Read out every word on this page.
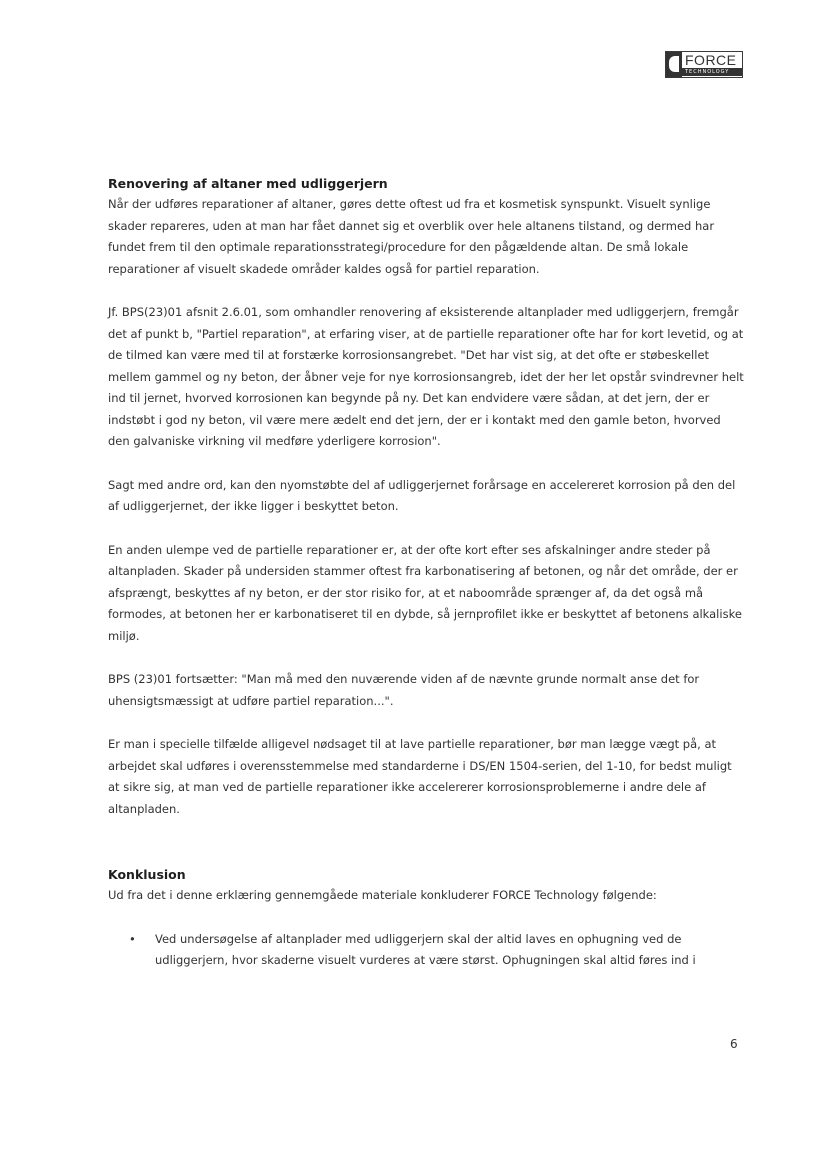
FORCE
TECHNOLOGY
Renovering af altaner med udliggerjern

Når der udføres reparationer af altaner, gøres dette oftest ud fra et kosmetisk synspunkt. Visuelt synlige skader repareres, uden at man har fået dannet sig et overblik over hele altanens tilstand, og dermed har fundet frem til den optimale reparationsstrategi/procedure for den pågældende altan. De små lokale reparationer af visuelt skadede områder kaldes også for partiel reparation.

Jf. BPS(23)01 afsnit 2.6.01, som omhandler renovering af eksisterende altanplader med udliggerjern, fremgår det af punkt b, "Partiel reparation", at erfaring viser, at de partielle reparationer ofte har for kort levetid, og at de tilmed kan være med til at forstærke korrosionsangrebet. "Det har vist sig, at det ofte er støbeskellet mellem gammel og ny beton, der åbner veje for nye korrosionsangreb, idet der her let opstår svindrevner helt ind til jernet, hvorved korrosionen kan begynde på ny. Det kan endvidere være sådan, at det jern, der er indstøbt i god ny beton, vil være mere ædelt end det jern, der er i kontakt med den gamle beton, hvorved den galvaniske virkning vil medføre yderligere korrosion".

Sagt med andre ord, kan den nyomstøbte del af udliggerjernet forårsage en accelereret korrosion på den del af udliggerjernet, der ikke ligger i beskyttet beton.

En anden ulempe ved de partielle reparationer er, at der ofte kort efter ses afskalninger andre steder på altanpladen. Skader på undersiden stammer oftest fra karbonatisering af betonen, og når det område, der er afsprængt, beskyttes af ny beton, er der stor risiko for, at et naboområde sprænger af, da det også må formodes, at betonen her er karbonatiseret til en dybde, så jernprofilet ikke er beskyttet af betonens alkaliske miljø.

BPS (23)01 fortsætter: "Man må med den nuværende viden af de nævnte grunde normalt anse det for uhensigtsmæssigt at udføre partiel reparation...".

Er man i specielle tilfælde alligevel nødsaget til at lave partielle reparationer, bør man lægge vægt på, at arbejdet skal udføres i overensstemmelse med standarderne i DS/EN 1504-serien, del 1-10, for bedst muligt at sikre sig, at man ved de partielle reparationer ikke accelererer korrosionsproblemerne i andre dele af altanpladen.

Konklusion

Ud fra det i denne erklæring gennemgåede materiale konkluderer FORCE Technology følgende:

• Ved undersøgelse af altanplader med udliggerjern skal der altid laves en ophugning ved de udliggerjern, hvor skaderne visuelt vurderes at være størst. Ophugningen skal altid føres ind i
6
